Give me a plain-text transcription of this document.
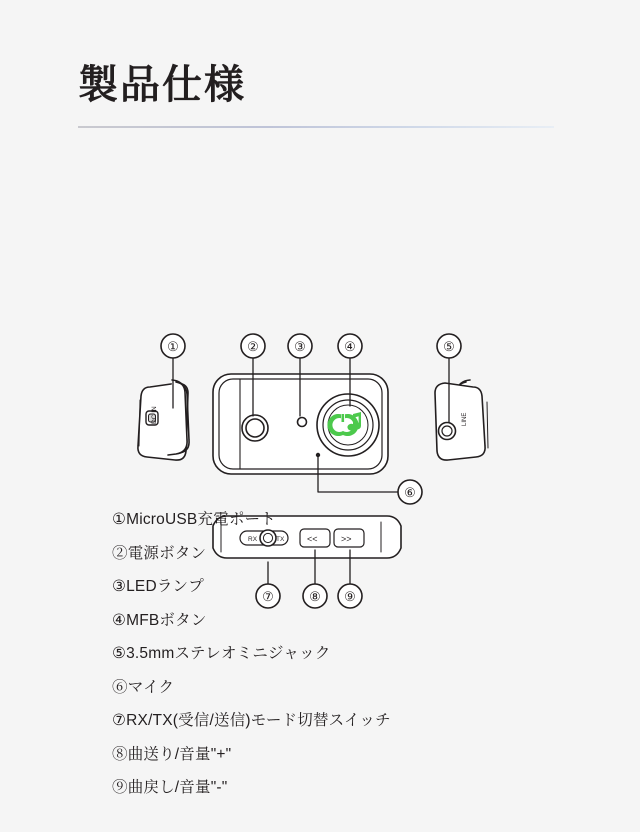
製品仕様
DC IN	LINE
RX	TX	<<	>>
①	②	③	④	⑤
⑥
⑦	⑧ ⑨
①MicroUSB充電ポート
②電源ボタン
③LEDランプ
④MFBボタン
⑤3.5mmステレオミニジャック
⑥マイク
⑦RX/TX(受信/送信)モード切替スイッチ
⑧曲送り/音量"+"
⑨曲戻し/音量"-"
